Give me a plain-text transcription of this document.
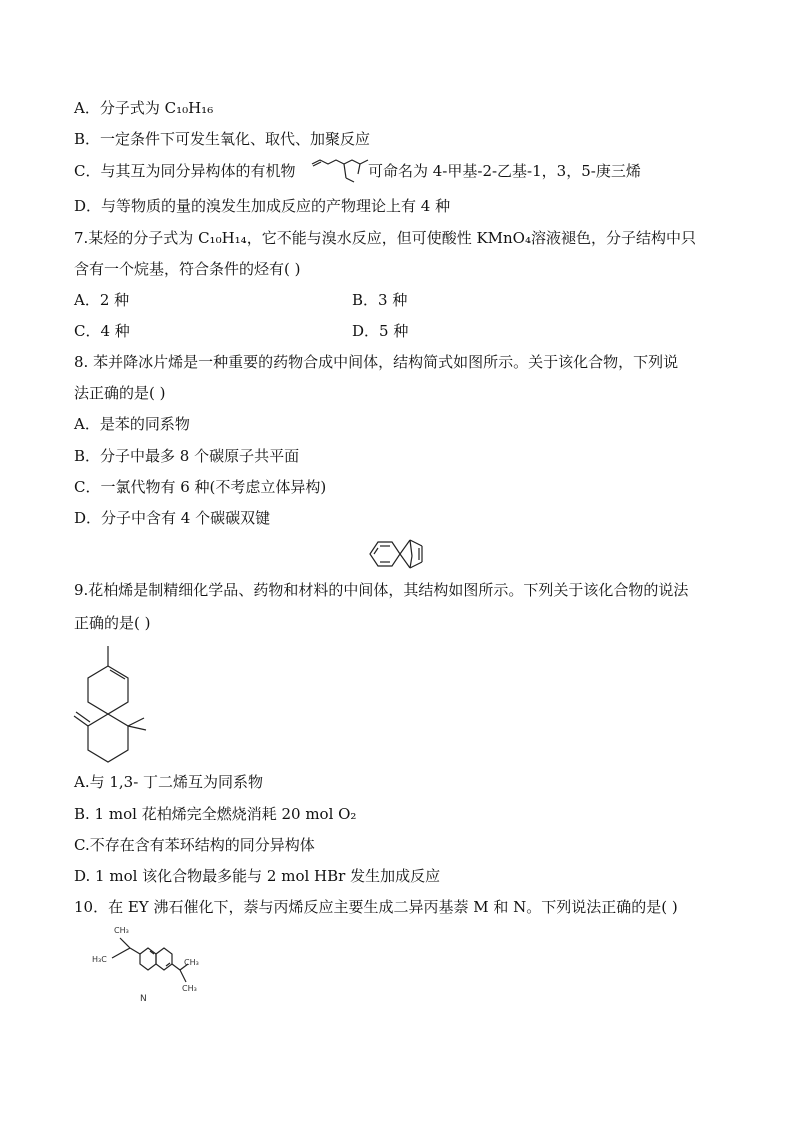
A．分子式为 C₁₀H₁₆
B．一定条件下可发生氧化、取代、加聚反应
C．与其互为同分异构体的有机物	可命名为 4-甲基-2-乙基-1，3，5-庚三烯
D．与等物质的量的溴发生加成反应的产物理论上有 4 种
7.某烃的分子式为 C₁₀H₁₄，它不能与溴水反应，但可使酸性 KMnO₄溶液褪色，分子结构中只
含有一个烷基，符合条件的烃有( )
A．2 种	B．3 种
C．4 种	D．5 种
8. 苯并降冰片烯是一种重要的药物合成中间体，结构简式如图所示。关于该化合物，下列说
法正确的是( )
A．是苯的同系物
B．分子中最多 8 个碳原子共平面
C．一氯代物有 6 种(不考虑立体异构)
D．分子中含有 4 个碳碳双键
9.花柏烯是制精细化学品、药物和材料的中间体，其结构如图所示。下列关于该化合物的说法
正确的是( )
A.与 1,3- 丁二烯互为同系物
B. 1 mol 花柏烯完全燃烧消耗 20 mol O₂
C.不存在含有苯环结构的同分异构体
D. 1 mol 该化合物最多能与 2 mol HBr 发生加成反应
10．在 EY 沸石催化下，萘与丙烯反应主要生成二异丙基萘 M 和 N。下列说法正确的是( )
CH₃
H₃C	CH₃
CH₃
N
